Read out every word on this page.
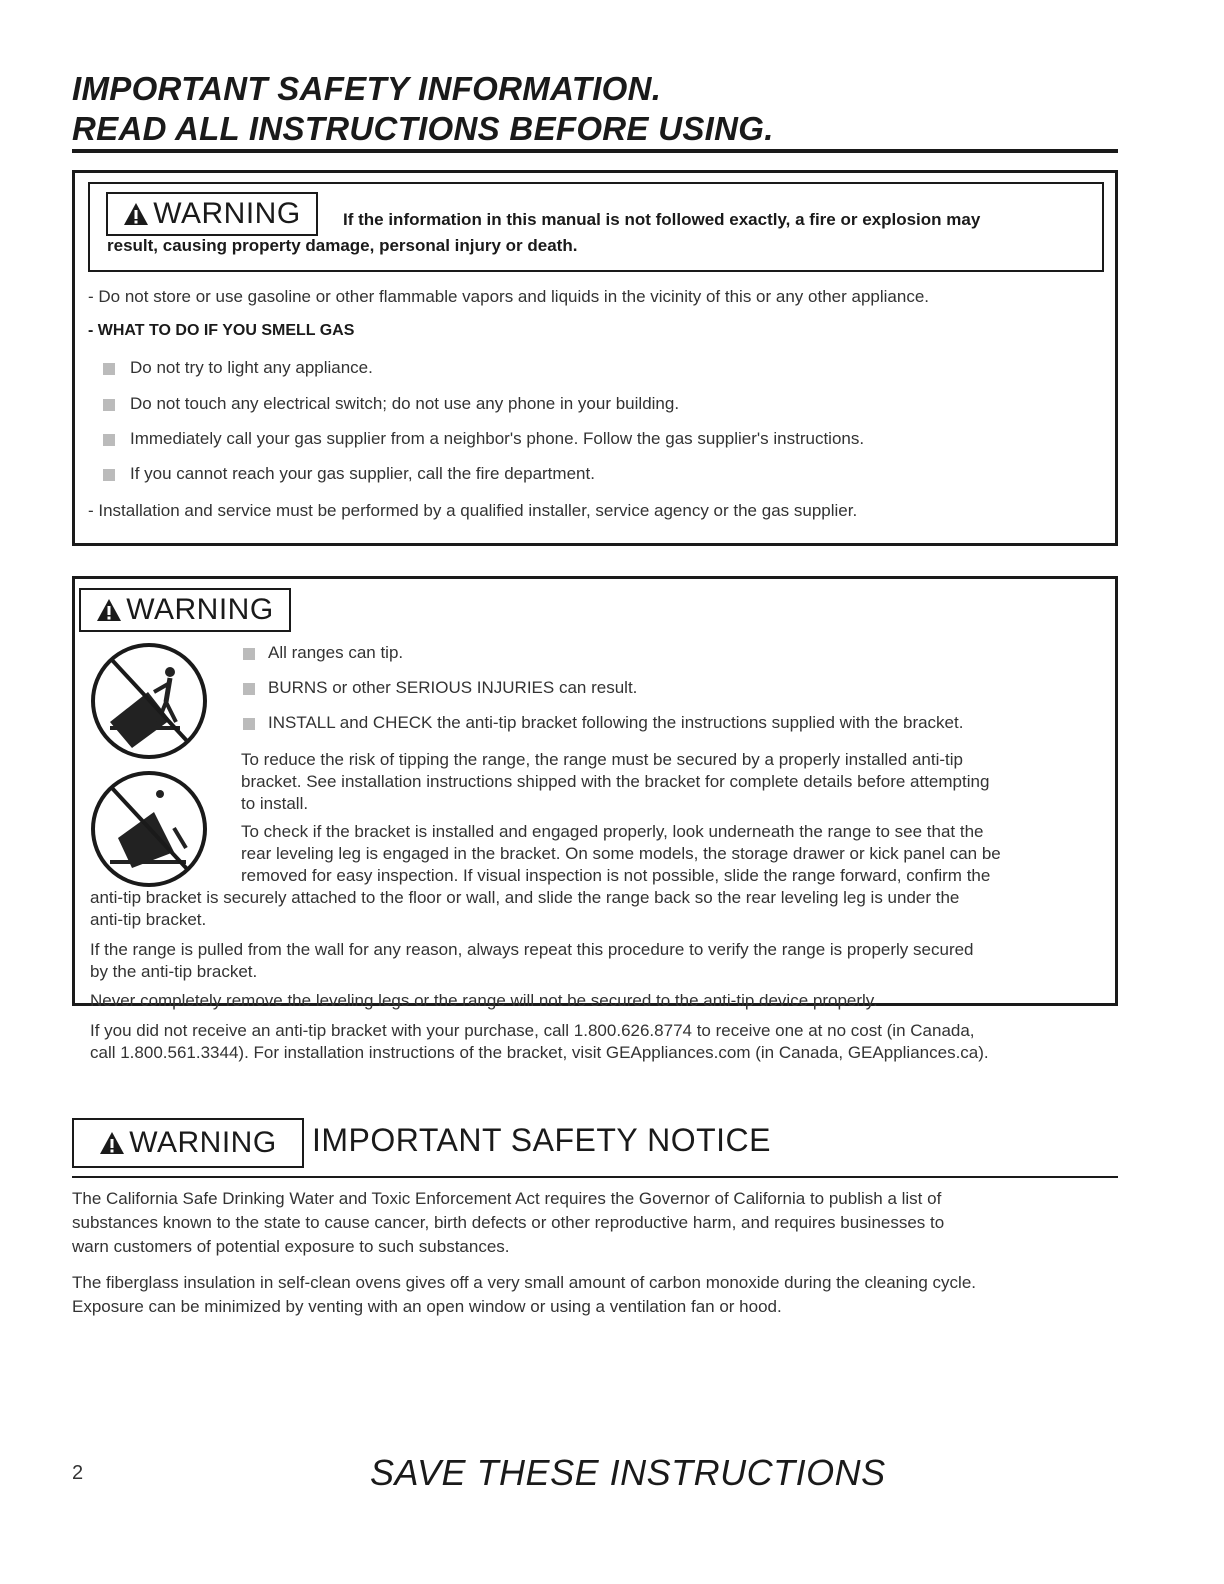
IMPORTANT SAFETY INFORMATION.
READ ALL INSTRUCTIONS BEFORE USING.
WARNING If the information in this manual is not followed exactly, a fire or explosion may
result, causing property damage, personal injury or death.
- Do not store or use gasoline or other flammable vapors and liquids in the vicinity of this or any other appliance.
- WHAT TO DO IF YOU SMELL GAS
Do not try to light any appliance.
Do not touch any electrical switch; do not use any phone in your building.
Immediately call your gas supplier from a neighbor's phone. Follow the gas supplier's instructions.
If you cannot reach your gas supplier, call the fire department.
- Installation and service must be performed by a qualified installer, service agency or the gas supplier.
WARNING
All ranges can tip.
BURNS or other SERIOUS INJURIES can result.
INSTALL and CHECK the anti-tip bracket following the instructions supplied with the bracket.
To reduce the risk of tipping the range, the range must be secured by a properly installed anti-tip
bracket. See installation instructions shipped with the bracket for complete details before attempting
to install.
To check if the bracket is installed and engaged properly, look underneath the range to see that the
rear leveling leg is engaged in the bracket. On some models, the storage drawer or kick panel can be
removed for easy inspection. If visual inspection is not possible, slide the range forward, confirm the
anti-tip bracket is securely attached to the floor or wall, and slide the range back so the rear leveling leg is under the
anti-tip bracket.
If the range is pulled from the wall for any reason, always repeat this procedure to verify the range is properly secured
by the anti-tip bracket.
Never completely remove the leveling legs or the range will not be secured to the anti-tip device properly.
If you did not receive an anti-tip bracket with your purchase, call 1.800.626.8774 to receive one at no cost (in Canada,
call 1.800.561.3344). For installation instructions of the bracket, visit GEAppliances.com (in Canada, GEAppliances.ca).
WARNING IMPORTANT SAFETY NOTICE
The California Safe Drinking Water and Toxic Enforcement Act requires the Governor of California to publish a list of
substances known to the state to cause cancer, birth defects or other reproductive harm, and requires businesses to
warn customers of potential exposure to such substances.
The fiberglass insulation in self-clean ovens gives off a very small amount of carbon monoxide during the cleaning cycle.
Exposure can be minimized by venting with an open window or using a ventilation fan or hood.
2	SAVE THESE INSTRUCTIONS
